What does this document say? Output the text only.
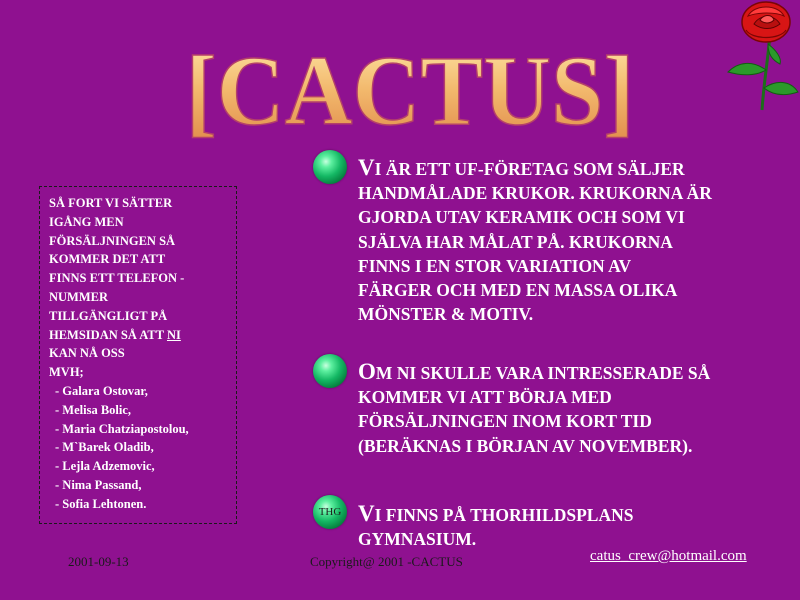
[CACTUS]
SÅ FORT VI SÄTTER
IGÅNG MEN
FÖRSÄLJNINGEN SÅ
KOMMER DET ATT
FINNS ETT TELEFON -
NUMMER
TILLGÄNGLIGT PÅ
HEMSIDAN SÅ ATT NI
KAN NÅ OSS
MVH;
- Galara Ostovar,
- Melisa Bolic,
- Maria Chatziapostolou,
- M`Barek Oladib,
- Lejla Adzemovic,
- Nima Passand,
- Sofia Lehtonen.
THG
VI ÄR ETT UF-FÖRETAG SOM SÄLJER
HANDMÅLADE KRUKOR. KRUKORNA ÄR
GJORDA UTAV KERAMIK OCH SOM VI
SJÄLVA HAR MÅLAT PÅ. KRUKORNA
FINNS I EN STOR VARIATION AV
FÄRGER OCH MED EN MASSA OLIKA
MÖNSTER & MOTIV.
OM NI SKULLE VARA INTRESSERADE SÅ
KOMMER VI ATT BÖRJA MED
FÖRSÄLJNINGEN INOM KORT TID
(BERÄKNAS I BÖRJAN AV NOVEMBER).
VI FINNS PÅ THORHILDSPLANS
GYMNASIUM.
2001-09-13	Copyright@ 2001 -CACTUS	catus_crew@hotmail.com
